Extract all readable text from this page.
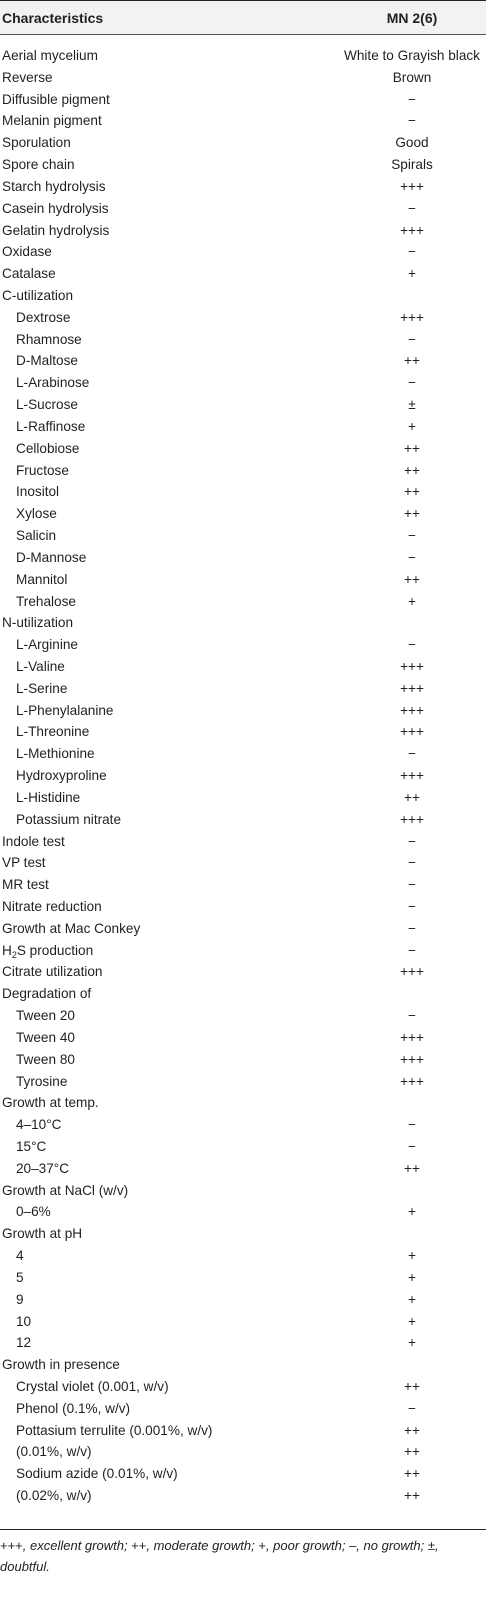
Characteristics	MN 2(6)
Aerial mycelium	White to Grayish black
Reverse	Brown
Diffusible pigment	−
Melanin pigment	−
Sporulation	Good
Spore chain	Spirals
Starch hydrolysis	+++
Casein hydrolysis	−
Gelatin hydrolysis	+++
Oxidase	−
Catalase	+
C-utilization
Dextrose	+++
Rhamnose	−
D-Maltose	++
L-Arabinose	−
L-Sucrose	±
L-Raffinose	+
Cellobiose	++
Fructose	++
Inositol	++
Xylose	++
Salicin	−
D-Mannose	−
Mannitol	++
Trehalose	+
N-utilization
L-Arginine	−
L-Valine	+++
L-Serine	+++
L-Phenylalanine	+++
L-Threonine	+++
L-Methionine	−
Hydroxyproline	+++
L-Histidine	++
Potassium nitrate	+++
Indole test	−
VP test	−
MR test	−
Nitrate reduction	−
Growth at Mac Conkey	−
$H_2S$ production	−
Citrate utilization	+++
Degradation of
Tween 20	−
Tween 40	+++
Tween 80	+++
Tyrosine	+++
Growth at temp.
4–10°C	−
15°C	−
20–37°C	++
Growth at NaCl (w/v)
0–6%	+
Growth at pH
4	+
5	+
9	+
10	+
12	+
Growth in presence
Crystal violet (0.001, w/v)	++
Phenol (0.1%, w/v)	−
Pottasium terrulite (0.001%, w/v)	++
(0.01%, w/v)	++
Sodium azide (0.01%, w/v)	++
(0.02%, w/v)	++
+++, excellent growth; ++, moderate growth; +, poor growth; –, no growth; ±, doubtful.
